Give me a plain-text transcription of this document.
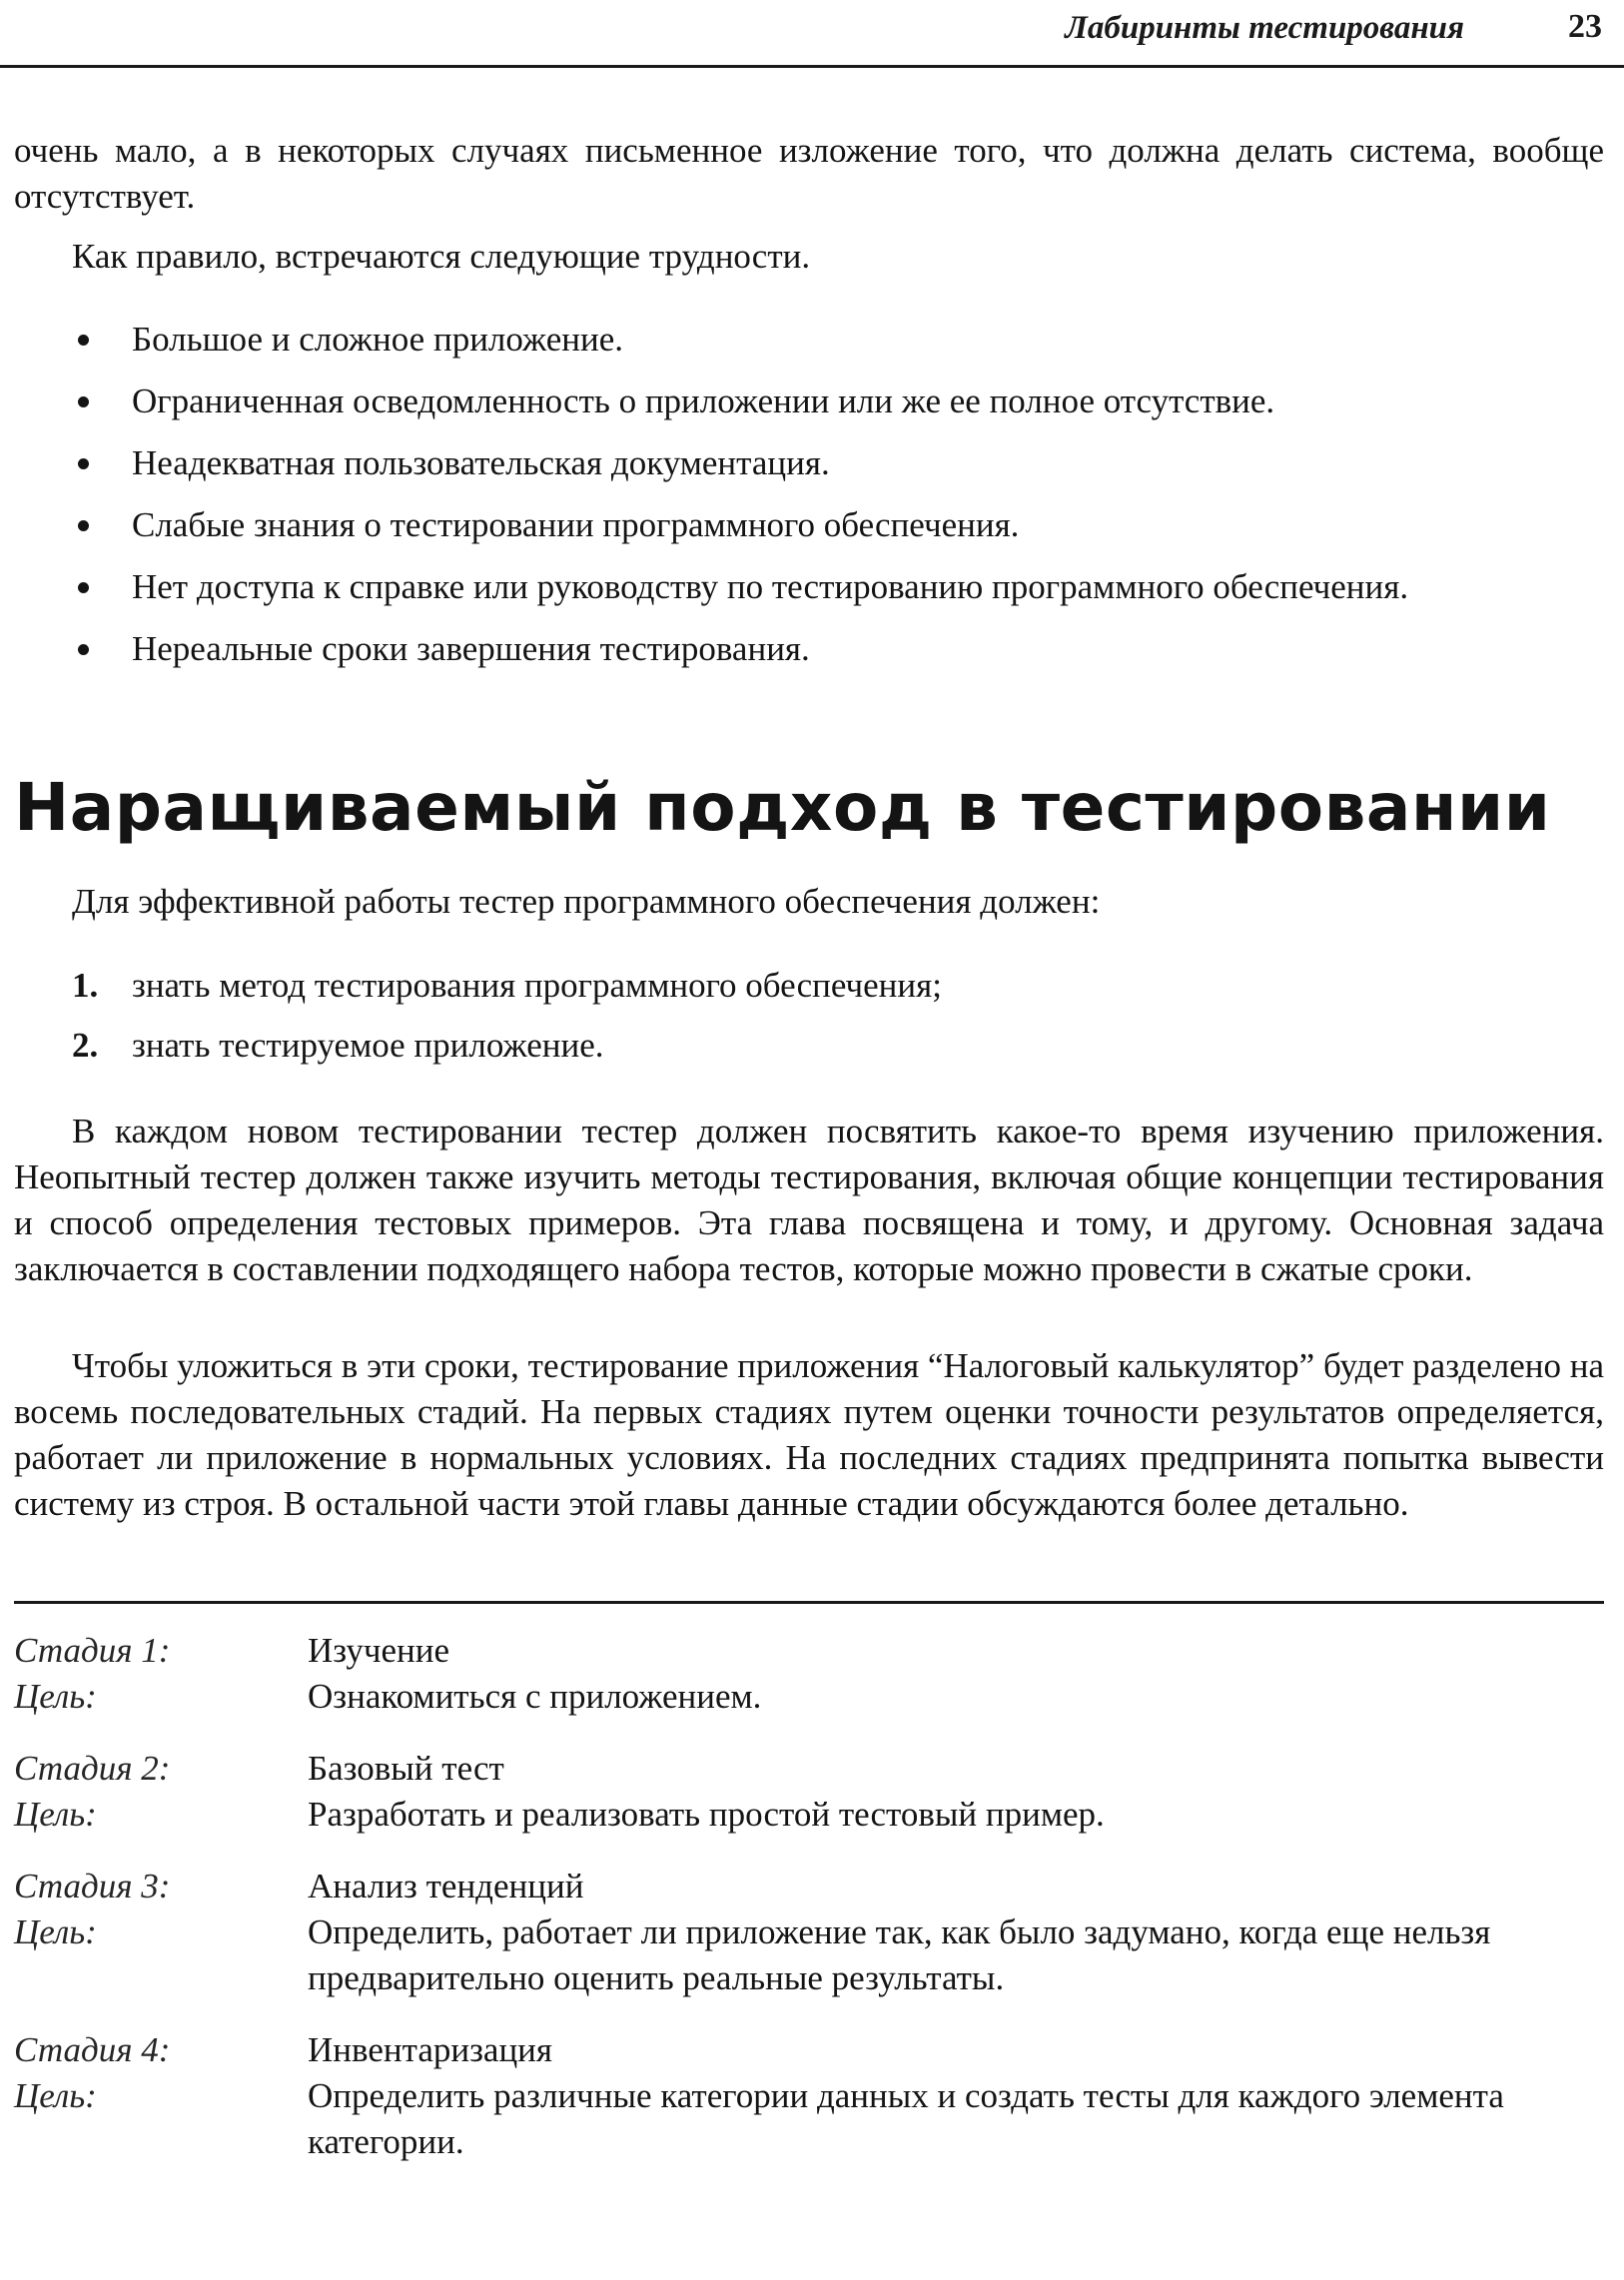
Лабиринты тестирования	23

очень мало, а в некоторых случаях письменное изложение того, что должна делать система, вообще отсутствует.

Как правило, встречаются следующие трудности.

Большое и сложное приложение.
Ограниченная осведомленность о приложении или же ее полное отсутствие.
Неадекватная пользовательская документация.
Слабые знания о тестировании программного обеспечения.
Нет доступа к справке или руководству по тестированию программного обеспечения.
Нереальные сроки завершения тестирования.
Наращиваемый подход в тестировании

Для эффективной работы тестер программного обеспечения должен:

1. знать метод тестирования программного обеспечения;
2. знать тестируемое приложение.

В каждом новом тестировании тестер должен посвятить какое-то время изучению приложения. Неопытный тестер должен также изучить методы тестирования, включая общие концепции тестирования и способ определения тестовых примеров. Эта глава посвящена и тому, и другому. Основная задача заключается в составлении подходящего набора тестов, которые можно провести в сжатые сроки.

Чтобы уложиться в эти сроки, тестирование приложения “Налоговый калькулятор” будет разделено на восемь последовательных стадий. На первых стадиях путем оценки точности результатов определяется, работает ли приложение в нормальных условиях. На последних стадиях предпринята попытка вывести систему из строя. В остальной части этой главы данные стадии обсуждаются более детально.

Стадия 1:	Изучение
Цель:	Ознакомиться с приложением.
Стадия 2:	Базовый тест
Цель:	Разработать и реализовать простой тестовый пример.
Стадия 3:	Анализ тенденций
Цель:	Определить, работает ли приложение так, как было задумано, когда еще нельзя предварительно оценить реальные результаты.
Стадия 4:	Инвентаризация
Цель:	Определить различные категории данных и создать тесты для каждого элемента категории.
